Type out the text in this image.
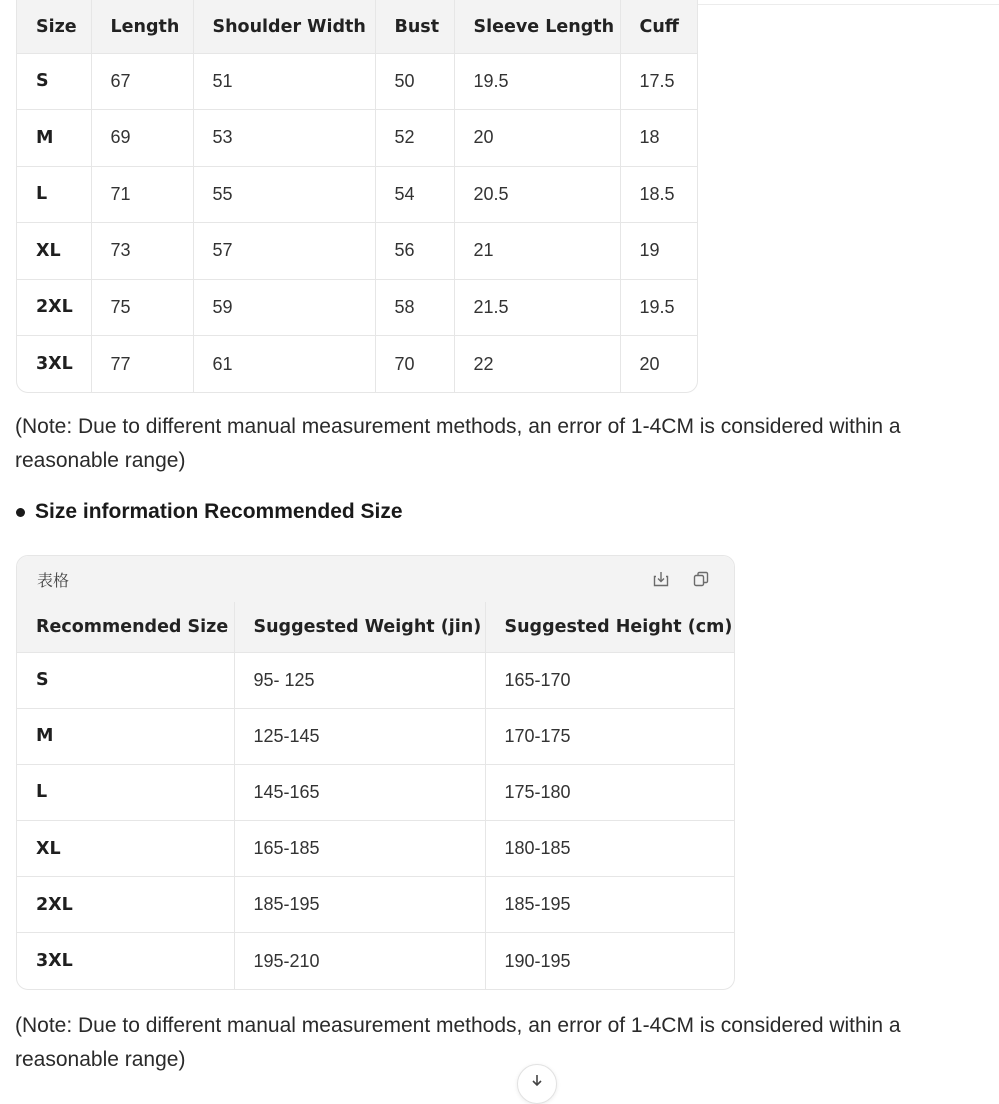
Size	Length	Shoulder Width	Bust	Sleeve Length	Cuff
S	67	51	50	19.5	17.5
M	69	53	52	20	18
L	71	55	54	20.5	18.5
XL	73	57	56	21	19
2XL	75	59	58	21.5	19.5
3XL	77	61	70	22	20

(Note: Due to different manual measurement methods, an error of 1-4CM is considered within a reasonable range)

Size information Recommended Size
表格
Recommended Size	Suggested Weight (jin)	Suggested Height (cm)
S	95- 125	165-170
M	125-145	170-175
L	145-165	175-180
XL	165-185	180-185
2XL	185-195	185-195
3XL	195-210	190-195

(Note: Due to different manual measurement methods, an error of 1-4CM is considered within a reasonable range)
